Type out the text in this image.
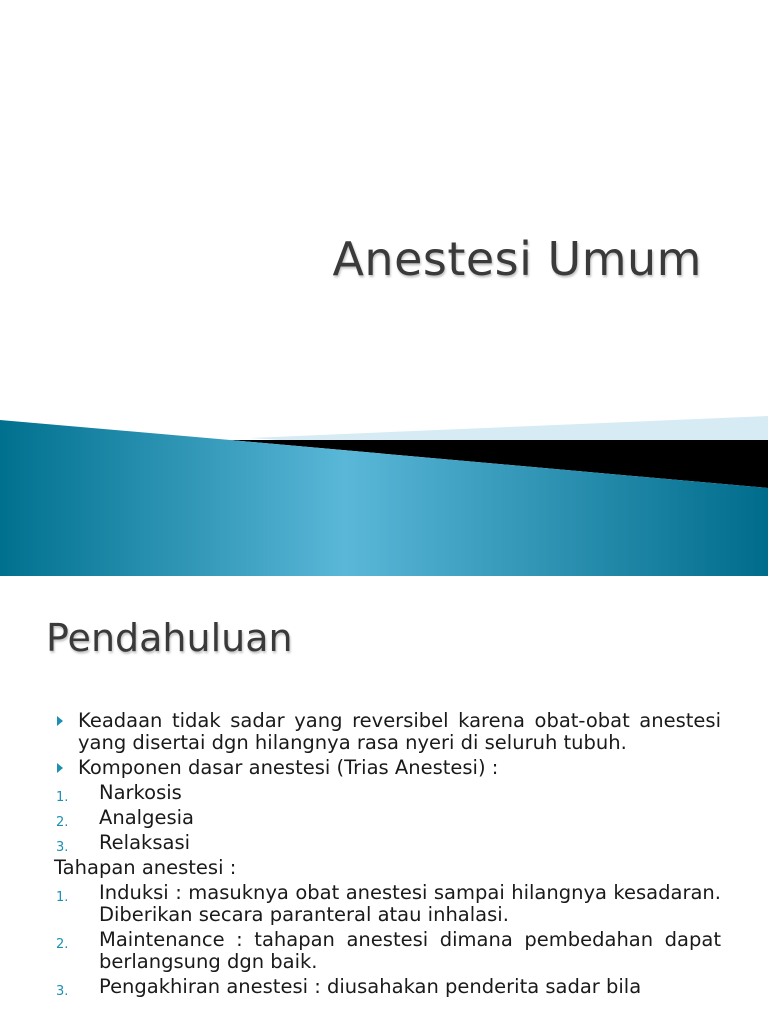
Anestesi Umum
Pendahuluan
Keadaan tidak sadar yang reversibel karena obat-obat anestesi yang disertai dgn hilangnya rasa nyeri di seluruh tubuh.
Komponen dasar anestesi (Trias Anestesi) :
1. Narkosis
2. Analgesia
3. Relaksasi
Tahapan anestesi :
1. Induksi : masuknya obat anestesi sampai hilangnya kesadaran. Diberikan secara paranteral atau inhalasi.
2. Maintenance : tahapan anestesi dimana pembedahan dapat berlangsung dgn baik.
3. Pengakhiran anestesi : diusahakan penderita sadar bila
